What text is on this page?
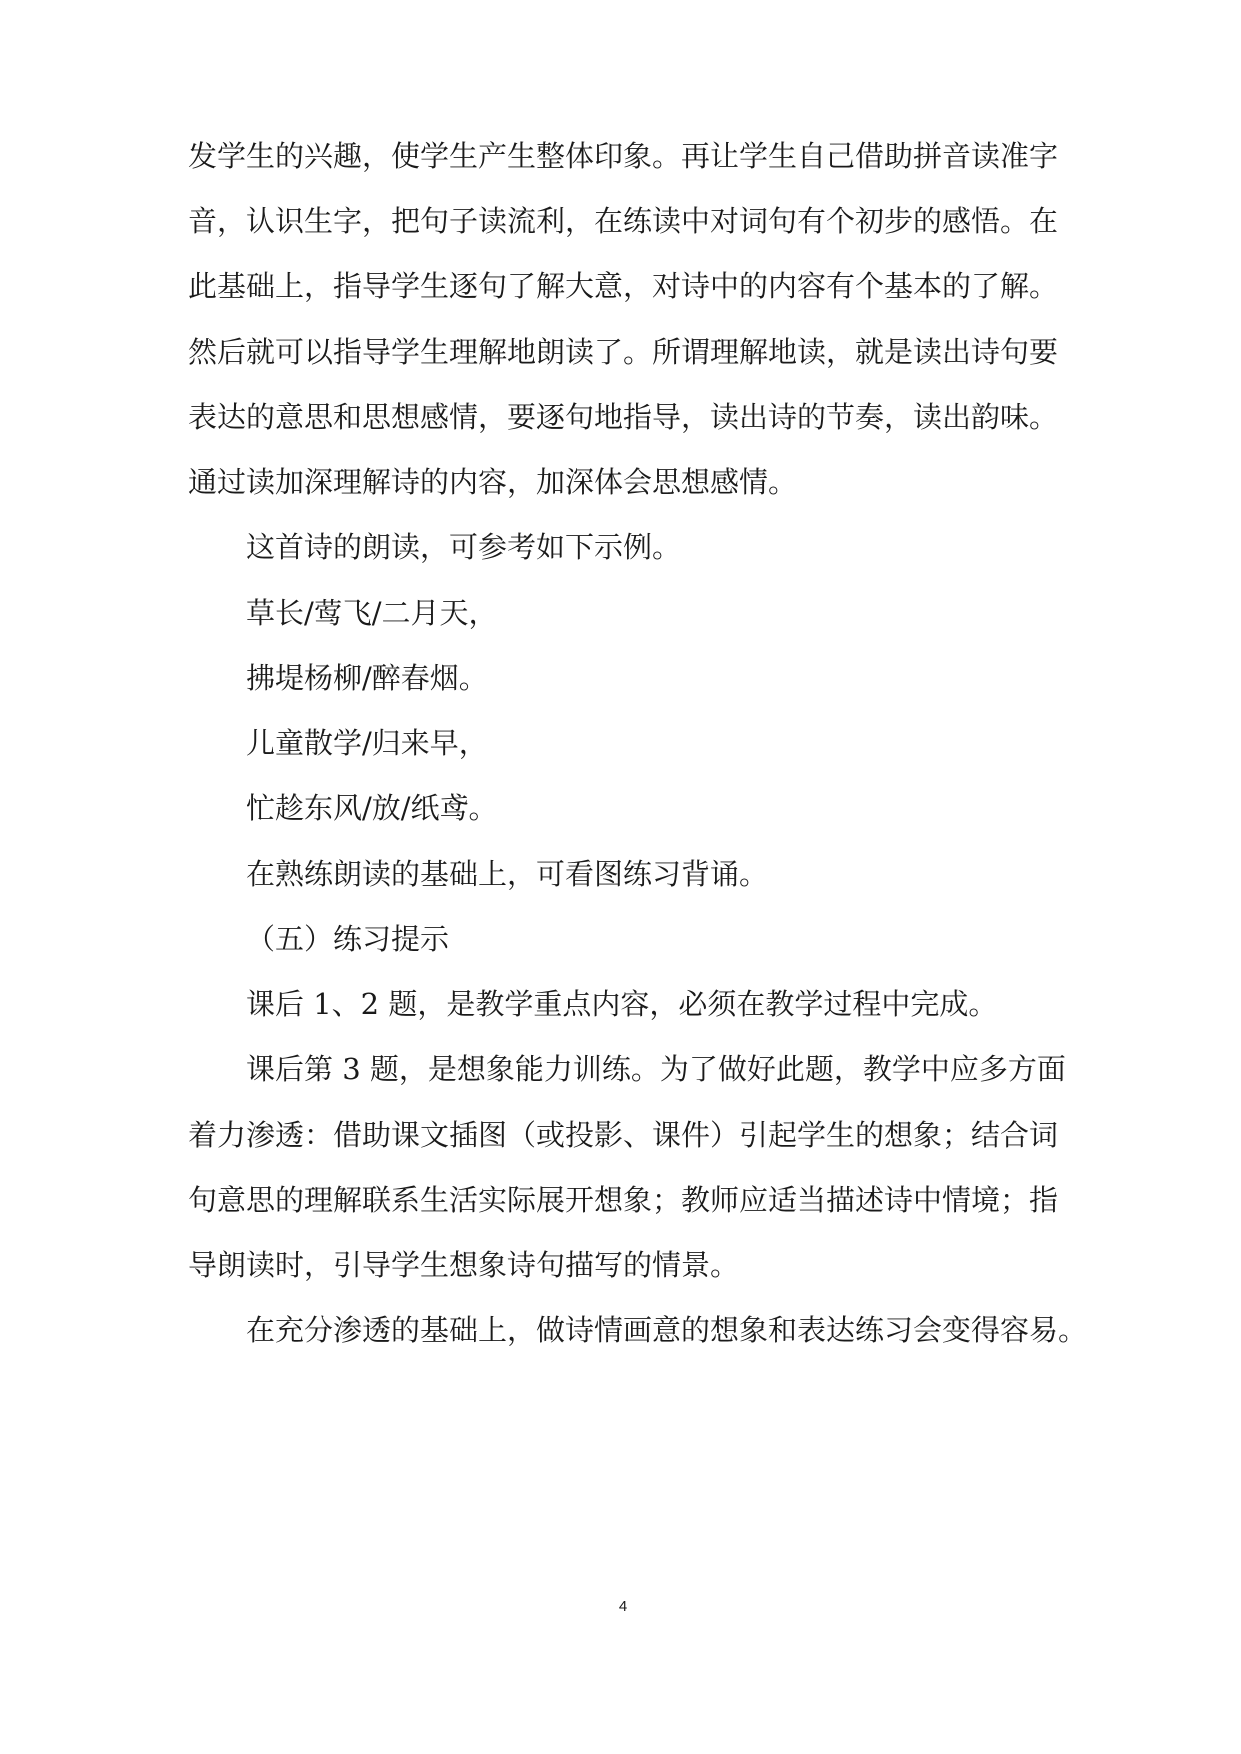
发学生的兴趣，使学生产生整体印象。再让学生自己借助拼音读准字
音，认识生字，把句子读流利，在练读中对词句有个初步的感悟。在
此基础上，指导学生逐句了解大意，对诗中的内容有个基本的了解。
然后就可以指导学生理解地朗读了。所谓理解地读，就是读出诗句要
表达的意思和思想感情，要逐句地指导，读出诗的节奏，读出韵味。
通过读加深理解诗的内容，加深体会思想感情。
这首诗的朗读，可参考如下示例。
草长/莺飞/二月天，
拂堤杨柳/醉春烟。
儿童散学/归来早，
忙趁东风/放/纸鸢。
在熟练朗读的基础上，可看图练习背诵。
（五）练习提示
课后 1、2 题，是教学重点内容，必须在教学过程中完成。
课后第 3 题，是想象能力训练。为了做好此题，教学中应多方面
着力渗透：借助课文插图（或投影、课件）引起学生的想象；结合词
句意思的理解联系生活实际展开想象；教师应适当描述诗中情境；指
导朗读时，引导学生想象诗句描写的情景。
在充分渗透的基础上，做诗情画意的想象和表达练习会变得容易。
4
